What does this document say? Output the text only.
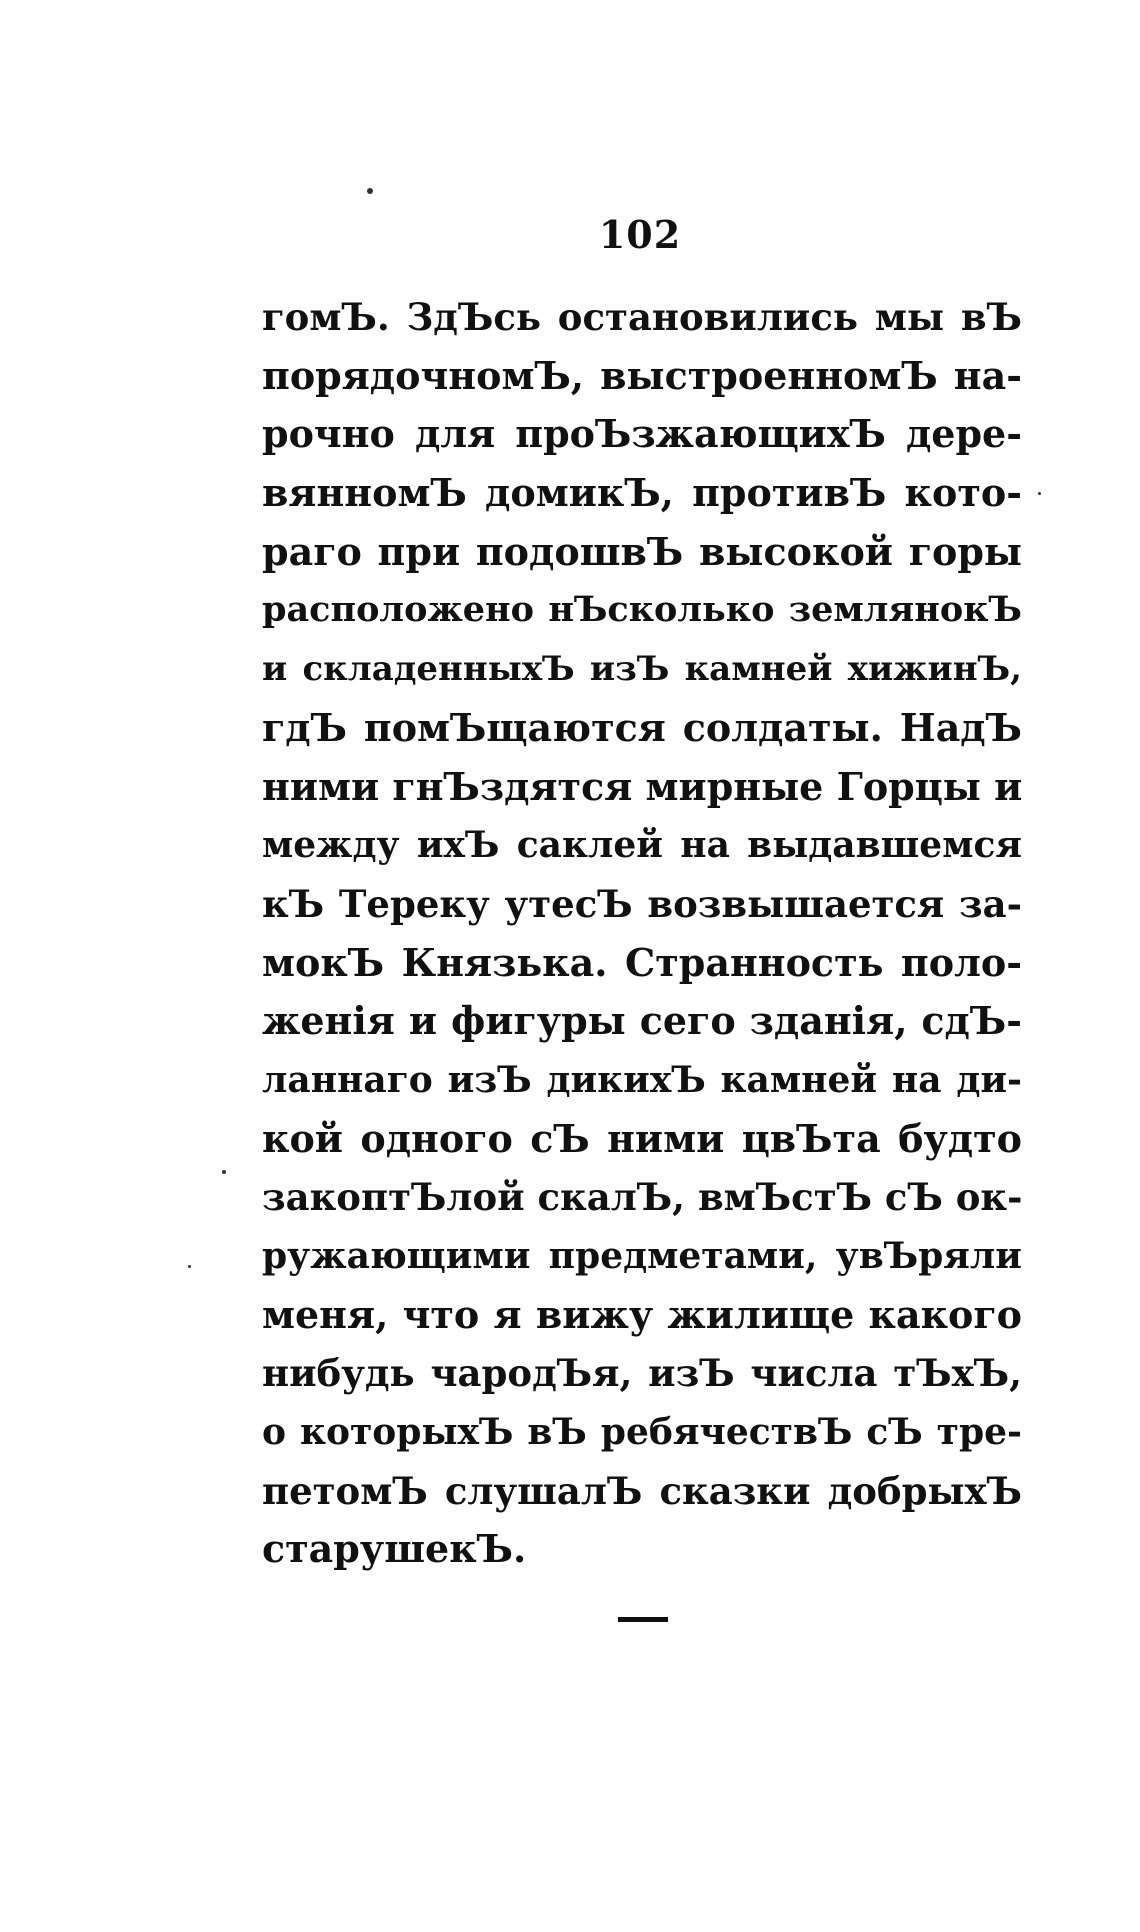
102
гомЪ. ЗдЪсь остановились мы вЪ
порядочномЪ, выстроенномЪ на-
рочно для проЪзжающихЪ дере-
вянномЪ домикЪ, противЪ кото-
раго при подошвЪ высокой горы
расположено нЪсколько землянокЪ
и складенныхЪ изЪ камней хижинЪ,
гдЪ помЪщаются солдаты. НадЪ
ними гнЪздятся мирные Горцы и
между ихЪ саклей на выдавшемся
кЪ Тереку утесЪ возвышается за-
мокЪ Князька. Странность поло-
женія и фигуры сего зданія, сдЪ-
ланнаго изЪ дикихЪ камней на ди-
кой одного сЪ ними цвЪта будто
закоптЪлой скалЪ, вмЪстЪ сЪ ок-
ружающими предметами, увЪряли
меня, что я вижу жилище какого
нибудь чародЪя, изЪ числа тЪхЪ,
о которыхЪ вЪ ребячествЪ сЪ тре-
петомЪ слушалЪ сказки добрыхЪ
старушекЪ.
